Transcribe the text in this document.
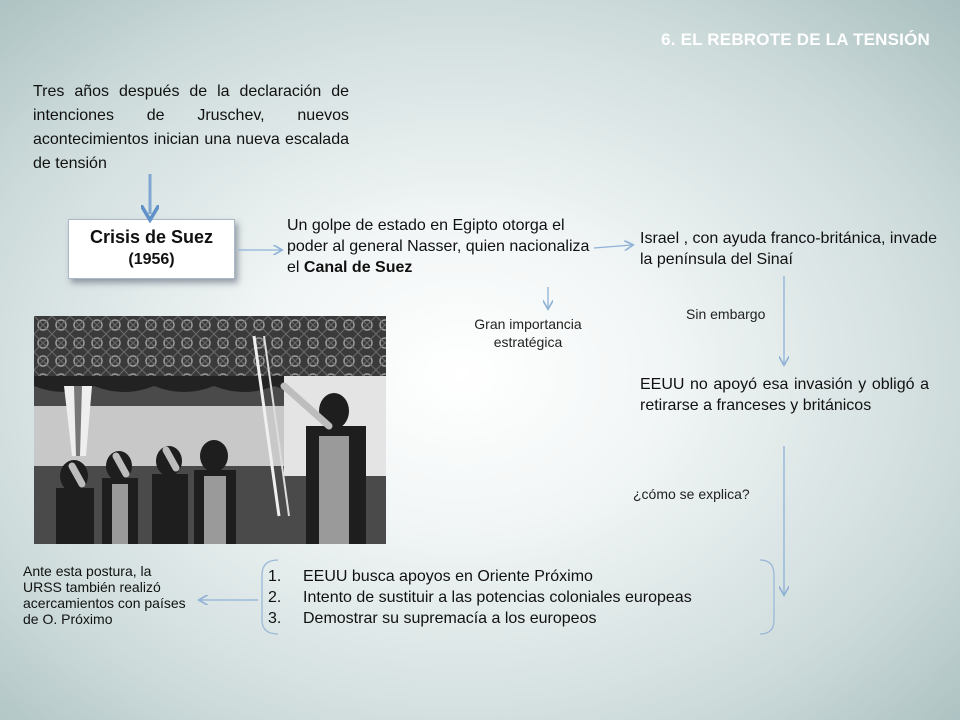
6. EL REBROTE DE LA TENSIÓN
Tres años después de la declaración de intenciones de Jruschev, nuevos acontecimientos inician una nueva escalada de tensión
Crisis de Suez
(1956)
Un golpe de estado en Egipto otorga el poder al general Nasser, quien nacionaliza el Canal de Suez
Gran importancia estratégica
Israel , con ayuda franco-británica, invade la península del Sinaí
Sin embargo
EEUU no apoyó esa invasión y obligó a retirarse a franceses y británicos
¿cómo se explica?
Ante esta postura, la URSS también realizó acercamientos con países de O. Próximo
1.	EEUU busca apoyos en Oriente Próximo
2.	Intento de sustituir a las potencias coloniales europeas
3.	Demostrar su supremacía a los europeos
